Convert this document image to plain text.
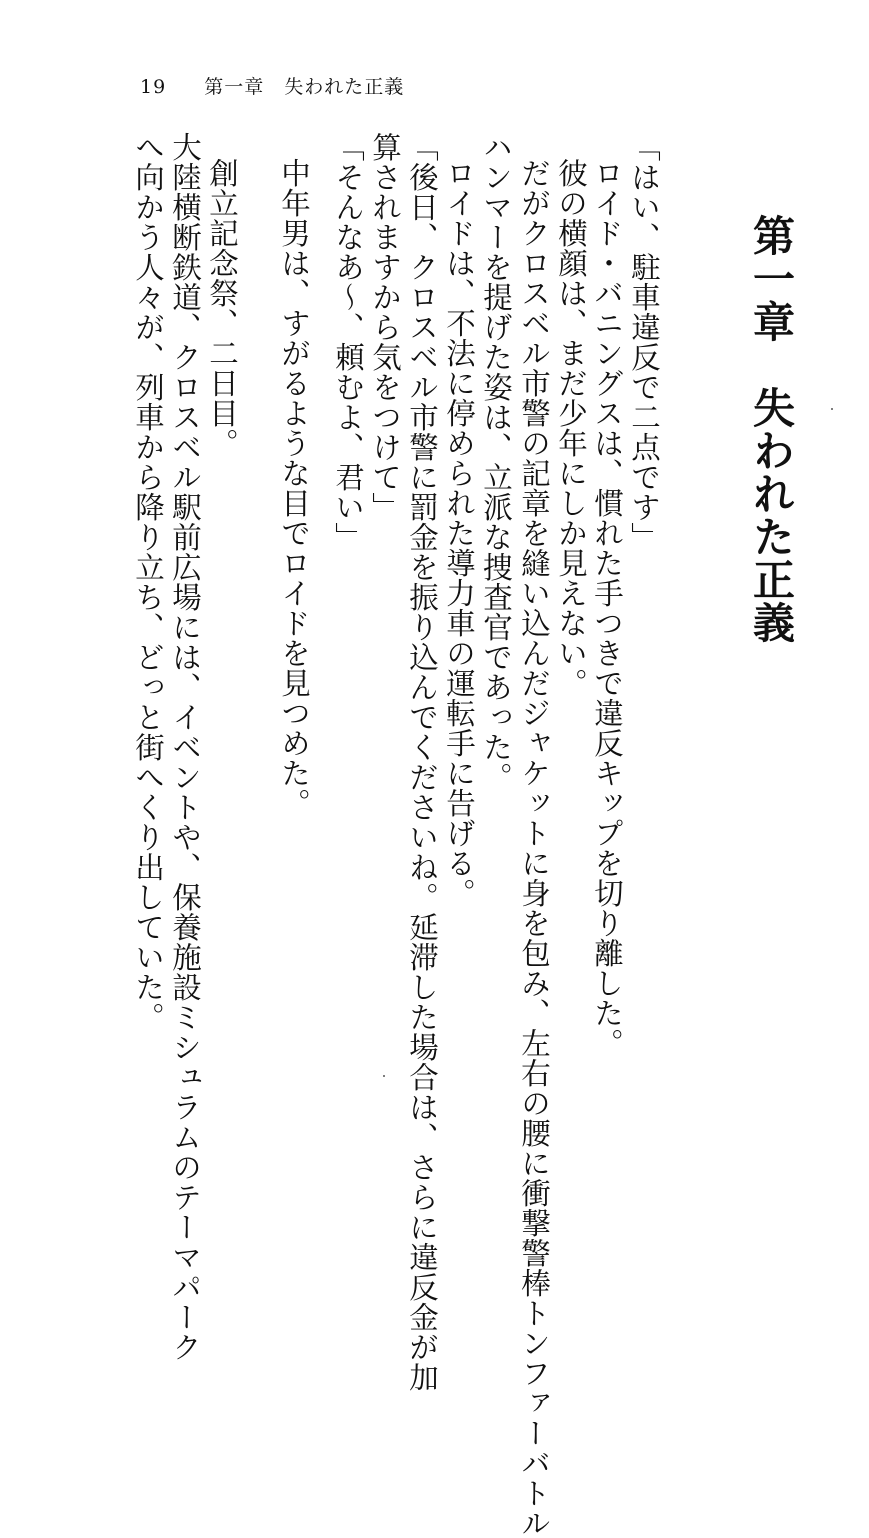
19 第一章　失われた正義
第一章　失われた正義

「はい、駐車違反で二点です」

ロイド・バニングスは、慣れた手つきで違反キップを切り離した。

彼の横顔は、まだ少年にしか見えない。

だがクロスベル市警の記章を縫い込んだジャケットに身を包み、左右の腰に衝撃警棒トンファーバトル

ハンマーを提げた姿は、立派な捜査官であった。

ロイドは、不法に停められた導力車の運転手に告げる。

「後日、クロスベル市警に罰金を振り込んでくださいね。延滞した場合は、さらに違反金が加

算されますから気をつけて」

「そんなあ～、頼むよ、君い」

中年男は、すがるような目でロイドを見つめた。

創立記念祭、二日目。

大陸横断鉄道、クロスベル駅前広場には、イベントや、保養施設ミシュラムのテーマパーク

へ向かう人々が、列車から降り立ち、どっと街へくり出していた。
